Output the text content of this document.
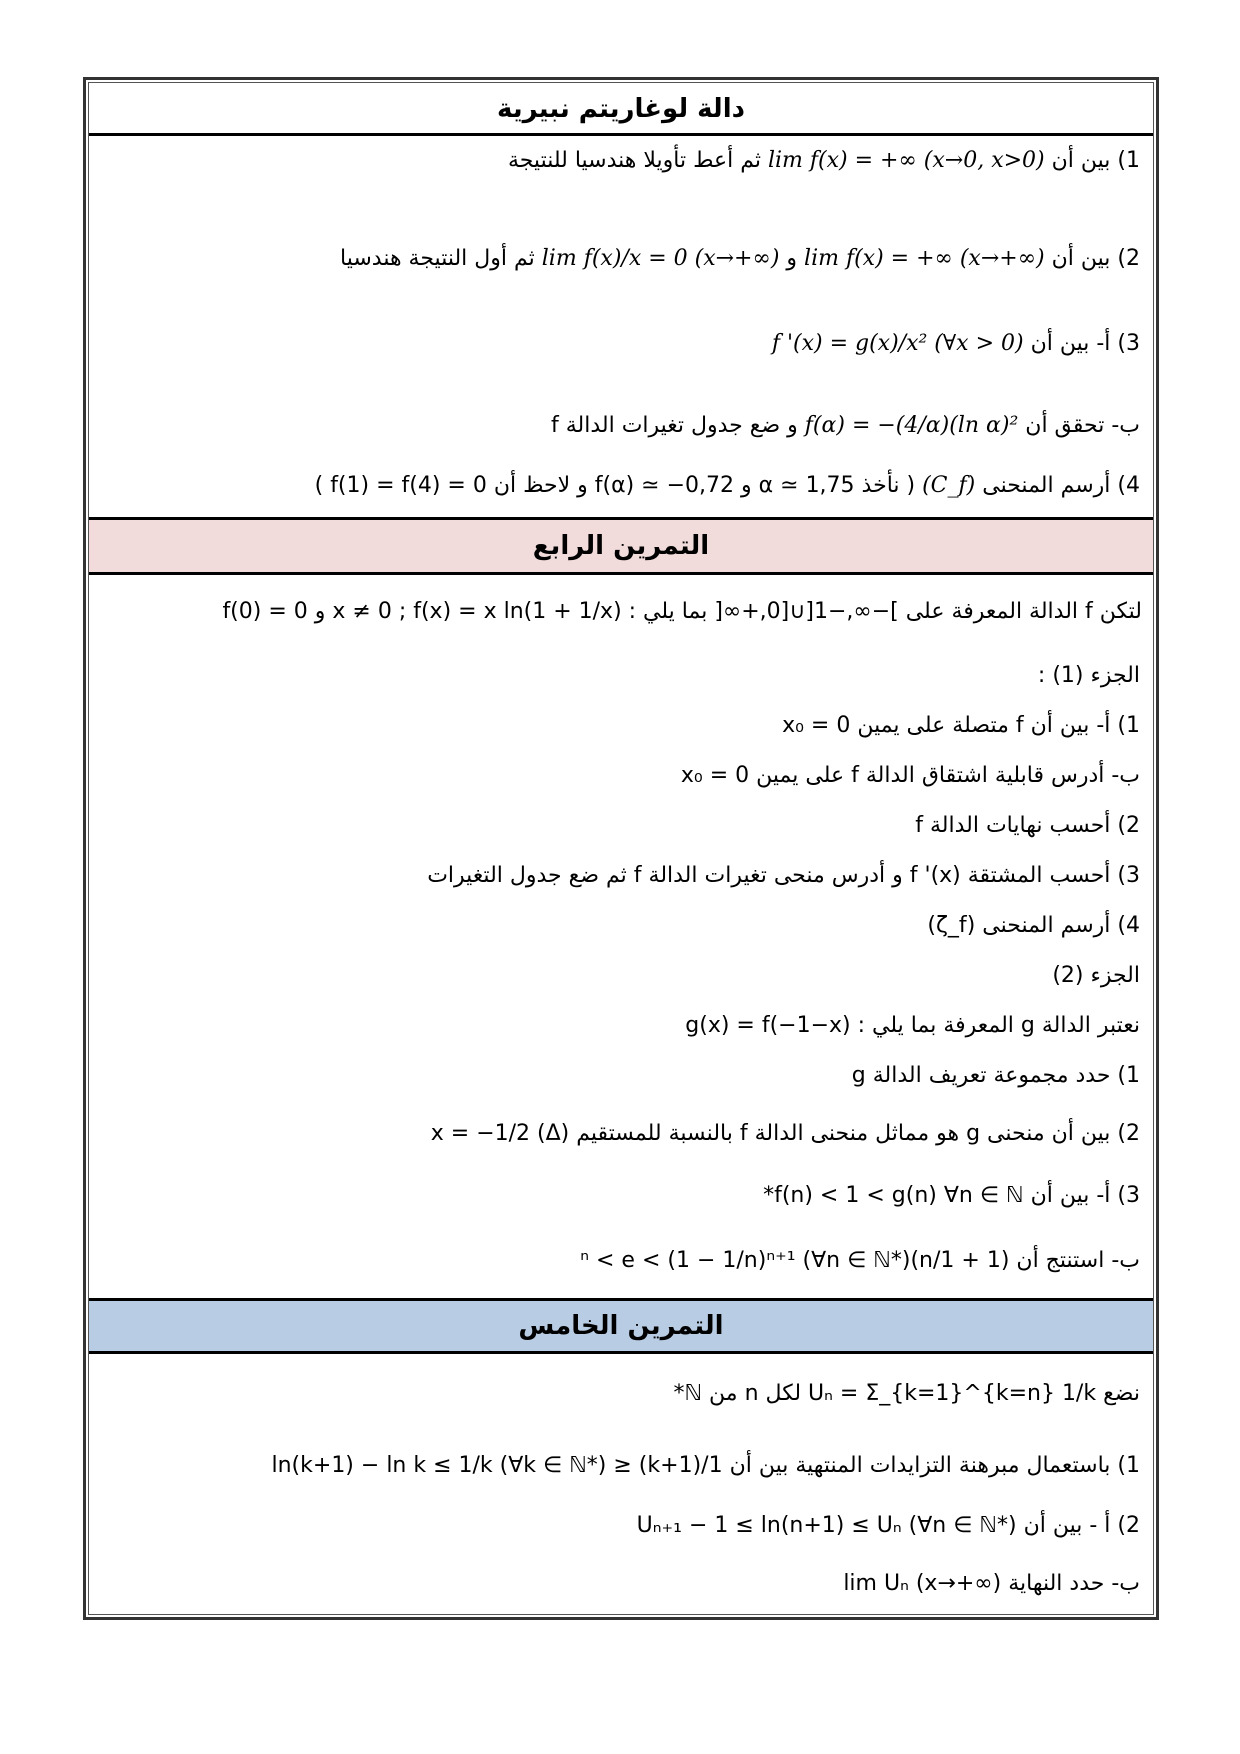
دالة لوغاريتم نبيرية
1) بين أن lim f(x) = +∞ (x→0, x>0) ثم أعط تأويلا هندسيا للنتيجة
2) بين أن lim f(x) = +∞ (x→+∞) و lim f(x)/x = 0 (x→+∞) ثم أول النتيجة هندسيا
3) أ- بين أن f '(x) = g(x)/x² (∀x > 0)
ب- تحقق أن f(α) = −(4/α)(ln α)² و ضع جدول تغيرات الدالة f
4) أرسم المنحنى (C_f) ( نأخذ α ≃ 1,75 و f(α) ≃ −0,72 و لاحظ أن f(1) = f(4) = 0 )
التمرين الرابع
لتكن f الدالة المعرفة على ]−∞,−1[∪[0,+∞[ بما يلي : x ≠ 0 ; f(x) = x ln(1 + 1/x) و f(0) = 0
الجزء (1) :
1) أ- بين أن f متصلة على يمين x₀ = 0
ب- أدرس قابلية اشتقاق الدالة f على يمين x₀ = 0
2) أحسب نهايات الدالة f
3) أحسب المشتقة f '(x) و أدرس منحى تغيرات الدالة f ثم ضع جدول التغيرات
4) أرسم المنحنى (ζ_f)
الجزء (2)
نعتبر الدالة g المعرفة بما يلي : g(x) = f(−1−x)
1) حدد مجموعة تعريف الدالة g
2) بين أن منحنى g هو مماثل منحنى الدالة f بالنسبة للمستقيم (Δ) x = −1/2
3) أ- بين أن f(n) < 1 < g(n) ∀n ∈ ℕ*
ب- استنتج أن (1 + 1/n)ⁿ < e < (1 − 1/n)ⁿ⁺¹ (∀n ∈ ℕ*)
التمرين الخامس
نضع Uₙ = Σ_{k=1}^{k=n} 1/k لكل n من ℕ*
1) باستعمال مبرهنة التزايدات المنتهية بين أن 1/(k+1) ≤ ln(k+1) − ln k ≤ 1/k (∀k ∈ ℕ*)
2) أ - بين أن Uₙ₊₁ − 1 ≤ ln(n+1) ≤ Uₙ (∀n ∈ ℕ*)
ب- حدد النهاية lim Uₙ (x→+∞)
